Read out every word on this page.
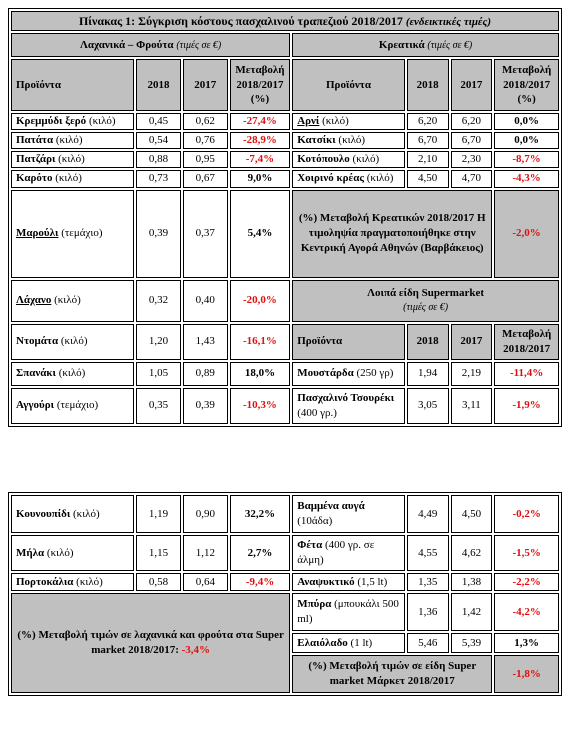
Πίνακας 1: Σύγκριση κόστους πασχαλινού τραπεζιού 2018/2017 (ενδεικτικές τιμές)							
Λαχανικά – Φρούτα (τιμές σε €)				Κρεατικά (τιμές σε €)			
Προϊόντα	2018	2017	Μεταβολή 2018/2017 (%)	Προϊόντα	2018	2017	Μεταβολή 2018/2017 (%)
Κρεμμύδι ξερό (κιλό)	0,45	0,62	-27,4%	Αρνί (κιλό)	6,20	6,20	0,0%
Πατάτα (κιλό)	0,54	0,76	-28,9%	Κατσίκι (κιλό)	6,70	6,70	0,0%
Πατζάρι (κιλό)	0,88	0,95	-7,4%	Κοτόπουλο (κιλό)	2,10	2,30	-8,7%
Καρότο (κιλό)	0,73	0,67	9,0%	Χοιρινό κρέας (κιλό)	4,50	4,70	-4,3%
Μαρούλι (τεμάχιο)	0,39	0,37	5,4%	(%) Μεταβολή Κρεατικών 2018/2017 Η τιμοληψία πραγματοποιήθηκε στην Κεντρική Αγορά Αθηνών (Βαρβάκειος)			-2,0%
Λάχανο (κιλό)	0,32	0,40	-20,0%	Λοιπά είδη Supermarket
(τιμές σε €)			

Ντομάτα (κιλό)	1,20	1,43	-16,1%	Προϊόντα	2018	2017	Μεταβολή 2018/2017
Σπανάκι (κιλό)	1,05	0,89	18,0%	Μουστάρδα (250 γρ)	1,94	2,19	-11,4%
Αγγούρι (τεμάχιο)	0,35	0,39	-10,3%	Πασχαλινό Τσουρέκι (400 γρ.)	3,05	3,11	-1,9%
Κουνουπίδι (κιλό)	1,19	0,90	32,2%	Βαμμένα αυγά (10άδα)	4,49	4,50	-0,2%
Μήλα (κιλό)	1,15	1,12	2,7%	Φέτα (400 γρ. σε άλμη)	4,55	4,62	-1,5%
Πορτοκάλια (κιλό)	0,58	0,64	-9,4%	Αναψυκτικό (1,5 lt)	1,35	1,38	-2,2%
(%) Μεταβολή τιμών σε λαχανικά και φρούτα στα Super market 2018/2017: -3,4%				Μπύρα (μπουκάλι 500 ml)	1,36	1,42	-4,2%
				Ελαιόλαδο (1 lt)	5,46	5,39	1,3%
				(%) Μεταβολή τιμών σε είδη Super market Μάρκετ 2018/2017			-1,8%
